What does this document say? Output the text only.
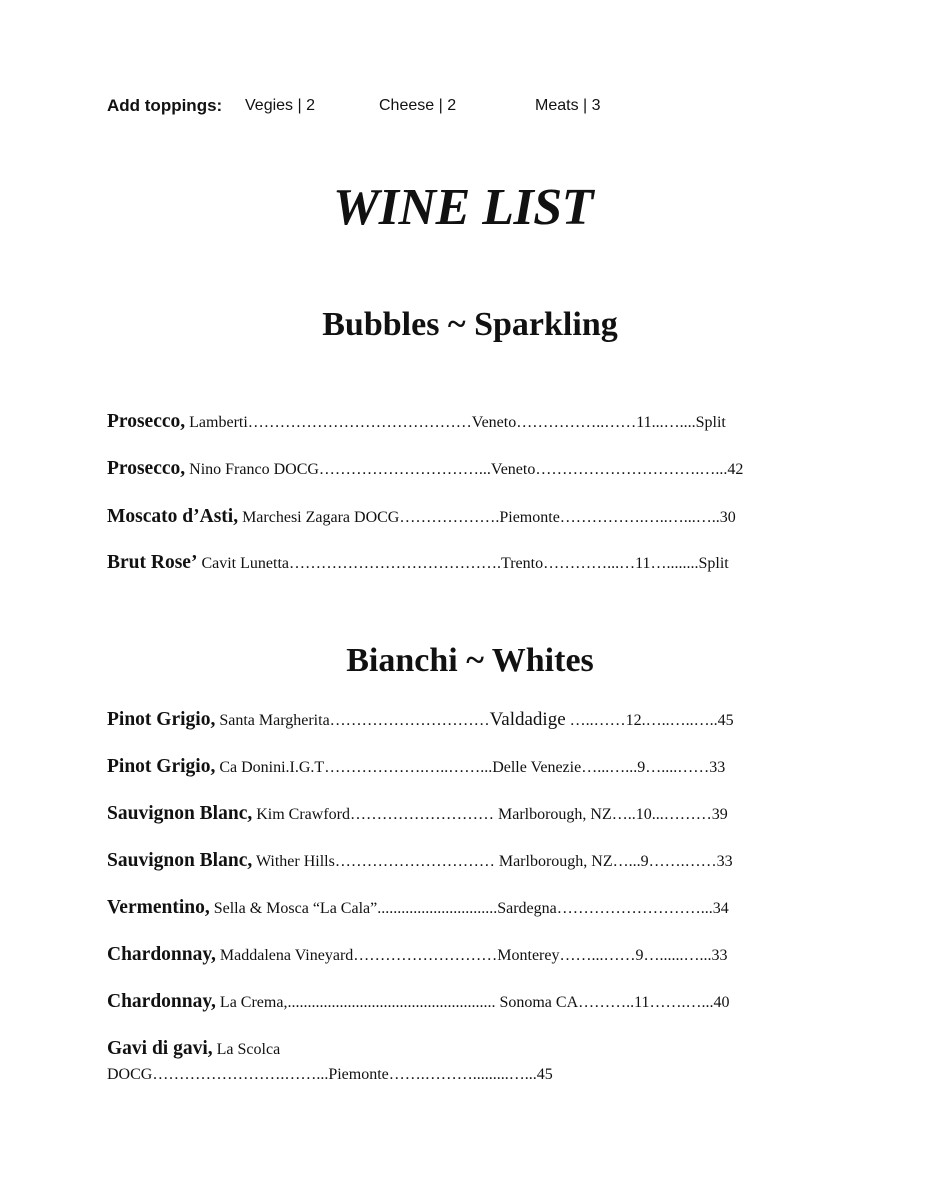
Add toppings: Vegies | 2	Cheese | 2	Meats | 3
WINE LIST
Bubbles ~ Sparkling
Prosecco, Lamberti……………………………………Veneto……………..……11...…....Split
Prosecco, Nino Franco DOCG…………………………...Veneto………………………….…...42
Moscato d’Asti, Marchesi Zagara DOCG……………….Piemonte…………….…..…...…..30
Brut Rose’ Cavit Lunetta………………………………….Trento…………...…11…........Split
Bianchi ~ Whites
Pinot Grigio, Santa Margherita…………………………Valdadige …..……12.…..…..…..45
Pinot Grigio, Ca Donini.I.G.T……………….…..……...Delle Venezie…...…...9…....……33
Sauvignon Blanc, Kim Crawford……………………… Marlborough, NZ…..10...………39
Sauvignon Blanc, Wither Hills………………………… Marlborough, NZ…...9…….……33
Vermentino, Sella & Mosca “La Cala”..............................Sardegna………………………...34
Chardonnay, Maddalena Vineyard………………………Monterey……...……9…......…...33
Chardonnay, La Crema,.................................................... Sonoma CA………..11…….…...40
Gavi di gavi, La Scolca
DOCG…………………….……...Piemonte…….……….........…...45
